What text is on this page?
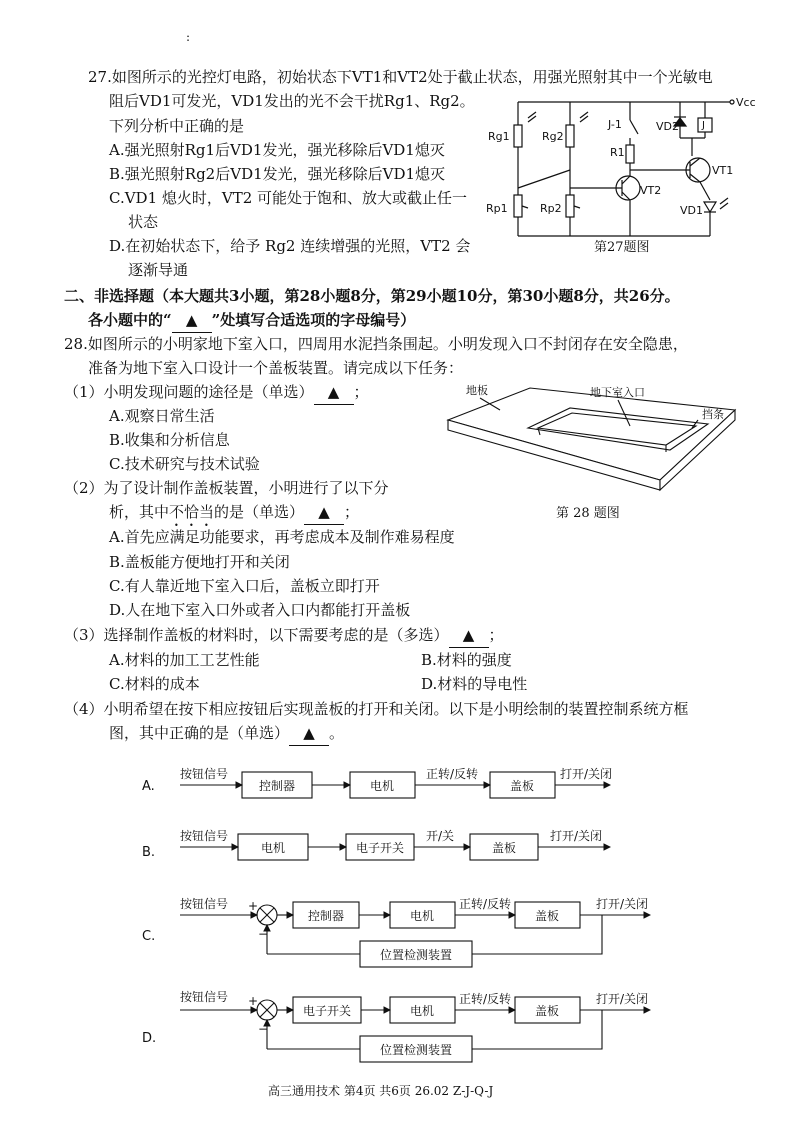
:
27.如图所示的光控灯电路，初始状态下VT1和VT2处于截止状态，用强光照射其中一个光敏电
阻后VD1可发光，VD1发出的光不会干扰Rg1、Rg2。
下列分析中正确的是
A.强光照射Rg1后VD1发光，强光移除后VD1熄灭
B.强光照射Rg2后VD1发光，强光移除后VD1熄灭
C.VD1 熄火时，VT2 可能处于饱和、放大或截止任一
状态
D.在初始状态下，给予 Rg2 连续增强的光照，VT2 会
逐渐导通
Vcc
Rg1	Rg2
Rp1	Rp2
J-1
R1
VD2 J
VT1
VT2
VD1
第27题图
二、非选择题（本大题共3小题，第28小题8分，第29小题10分，第30小题8分，共26分。
各小题中的“ ▲ ”处填写合适选项的字母编号）
28.如图所示的小明家地下室入口，四周用水泥挡条围起。小明发现入口不封闭存在安全隐患，
准备为地下室入口设计一个盖板装置。请完成以下任务：
（1）小明发现问题的途径是（单选） ▲ ；
A.观察日常生活
B.收集和分析信息
C.技术研究与技术试验
地板	地下室入口
挡条
第 28 题图
（2）为了设计制作盖板装置，小明进行了以下分
析，其中不恰当的是（单选） ▲ ；
A.首先应满足功能要求，再考虑成本及制作难易程度
B.盖板能方便地打开和关闭
C.有人靠近地下室入口后，盖板立即打开
D.人在地下室入口外或者入口内都能打开盖板
（3）选择制作盖板的材料时，以下需要考虑的是（多选） ▲ ；
A.材料的加工工艺性能	B.材料的强度
C.材料的成本	D.材料的导电性
（4）小明希望在按下相应按钮后实现盖板的打开和关闭。以下是小明绘制的装置控制系统方框
图，其中正确的是（单选） ▲ 。
A.
按钮信号
控制器	电机
正转/反转
盖板
打开/关闭
B.
按钮信号
电机	电子开关
开/关
盖板
打开/关闭
C.
按钮信号 +
−
控制器	电机
正转/反转
盖板
打开/关闭
位置检测装置
D.
按钮信号 +
−
电子开关	电机
正转/反转
盖板
打开/关闭
位置检测装置
高三通用技术 第4页 共6页 26.02 Z-J-Q-J
